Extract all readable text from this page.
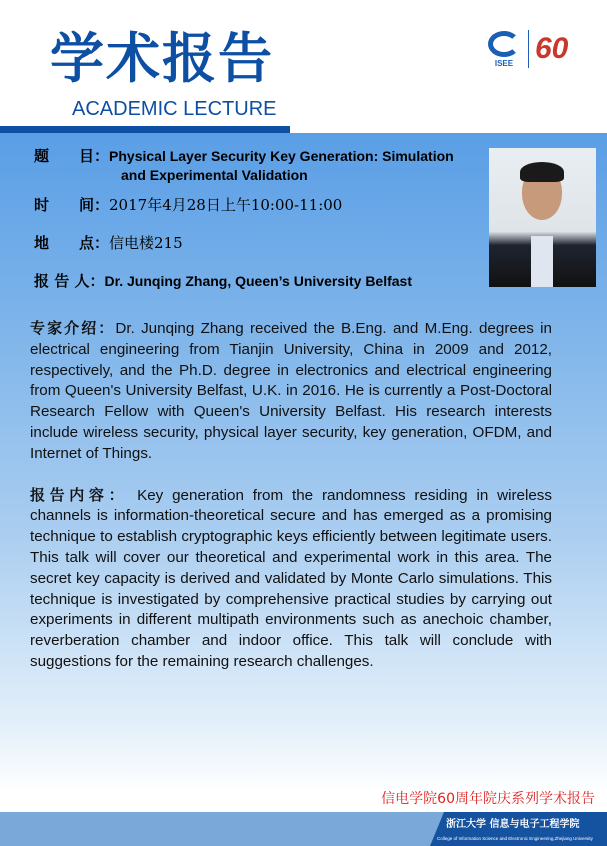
学术报告
ACADEMIC LECTURE
ISEE 60
题　　目：Physical Layer Security Key Generation: Simulation
and Experimental Validation
时　　间：2017年4月28日上午10:00-11:00
地　　点：信电楼215
报 告 人：Dr. Junqing Zhang, Queen’s University Belfast
专家介绍：Dr. Junqing Zhang received the B.Eng. and M.Eng. degrees in electrical engineering from Tianjin University, China in 2009 and 2012, respectively, and the Ph.D. degree in electronics and electrical engineering from Queen's University Belfast, U.K. in 2016. He is currently a Post-Doctoral Research Fellow with Queen's University Belfast. His research interests include wireless security, physical layer security, key generation, OFDM, and Internet of Things.
报告内容： Key generation from the randomness residing in wireless channels is information-theoretical secure and has emerged as a promising technique to establish cryptographic keys efficiently between legitimate users. This talk will cover our theoretical and experimental work in this area. The secret key capacity is derived and validated by Monte Carlo simulations. This technique is investigated by comprehensive practical studies by carrying out experiments in different multipath environments such as anechoic chamber, reverberation chamber and indoor office. This talk will conclude with suggestions for the remaining research challenges.
信电学院60周年院庆系列学术报告
浙江大学 信息与电子工程学院
College of Information Science and Electronic Engineering,Zhejiang University
